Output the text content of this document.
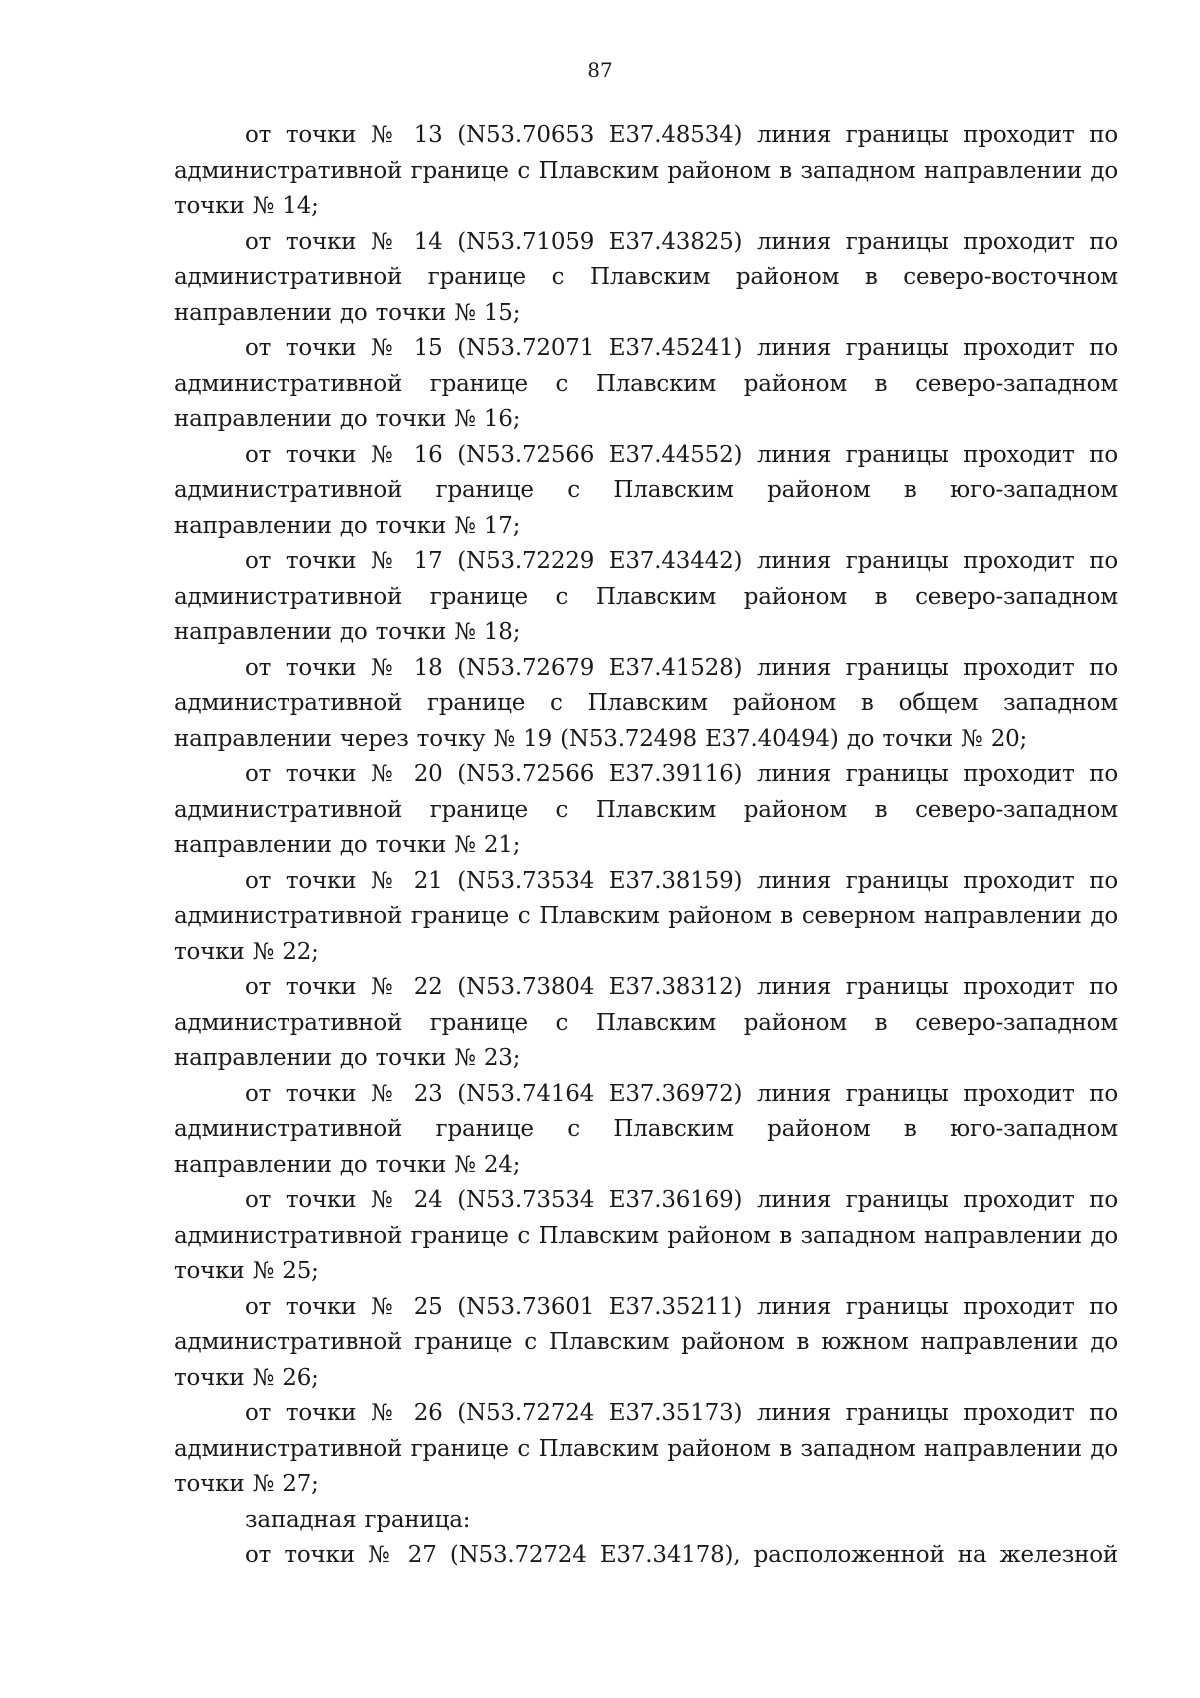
87

от точки № 13 (N53.70653 E37.48534) линия границы проходит по административной границе с Плавским районом в западном направлении до точки № 14;

от точки № 14 (N53.71059 E37.43825) линия границы проходит по административной границе с Плавским районом в северо-восточном направлении до точки № 15;

от точки № 15 (N53.72071 E37.45241) линия границы проходит по административной границе с Плавским районом в северо-западном направлении до точки № 16;

от точки № 16 (N53.72566 E37.44552) линия границы проходит по административной границе с Плавским районом в юго-западном направлении до точки № 17;

от точки № 17 (N53.72229 E37.43442) линия границы проходит по административной границе с Плавским районом в северо-западном направлении до точки № 18;

от точки № 18 (N53.72679 E37.41528) линия границы проходит по административной границе с Плавским районом в общем западном направлении через точку № 19 (N53.72498 E37.40494) до точки № 20;

от точки № 20 (N53.72566 E37.39116) линия границы проходит по административной границе с Плавским районом в северо-западном направлении до точки № 21;

от точки № 21 (N53.73534 E37.38159) линия границы проходит по административной границе с Плавским районом в северном направлении до точки № 22;

от точки № 22 (N53.73804 E37.38312) линия границы проходит по административной границе с Плавским районом в северо-западном направлении до точки № 23;

от точки № 23 (N53.74164 E37.36972) линия границы проходит по административной границе с Плавским районом в юго-западном направлении до точки № 24;

от точки № 24 (N53.73534 E37.36169) линия границы проходит по административной границе с Плавским районом в западном направлении до точки № 25;

от точки № 25 (N53.73601 E37.35211) линия границы проходит по административной границе с Плавским районом в южном направлении до точки № 26;

от точки № 26 (N53.72724 E37.35173) линия границы проходит по административной границе с Плавским районом в западном направлении до точки № 27;

западная граница:

от точки № 27 (N53.72724 E37.34178), расположенной на железной
